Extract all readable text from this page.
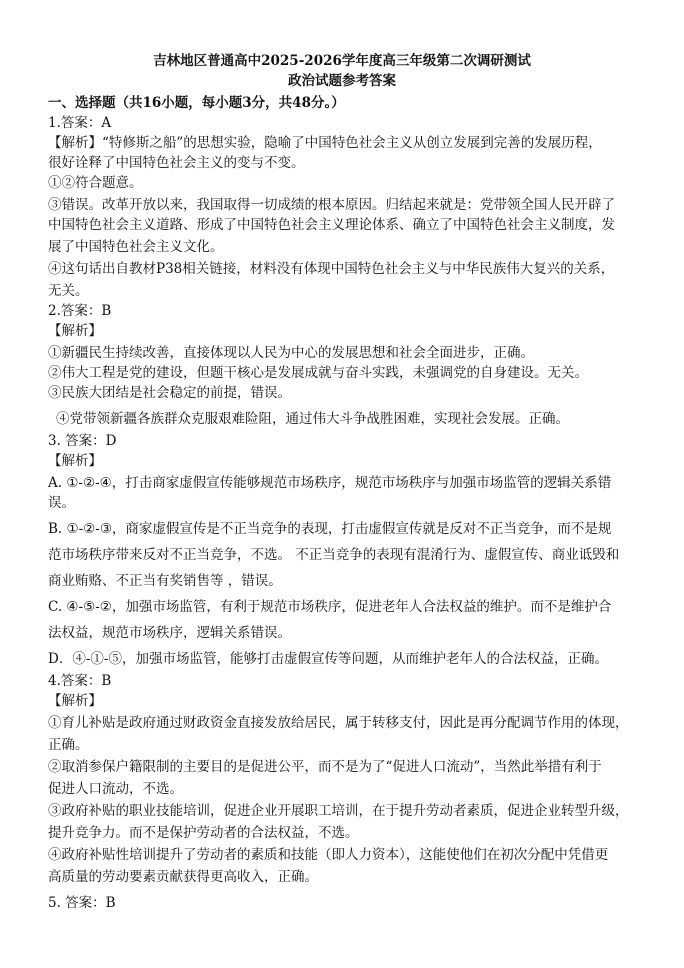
吉林地区普通高中2025-2026学年度高三年级第二次调研测试
政治试题参考答案
一、选择题（共16小题，每小题3分，共48分。）
1.答案：A
【解析】“特修斯之船”的思想实验，隐喻了中国特色社会主义从创立发展到完善的发展历程，
很好诠释了中国特色社会主义的变与不变。
①②符合题意。
③错误。改革开放以来，我国取得一切成绩的根本原因。归结起来就是：党带领全国人民开辟了
中国特色社会主义道路、形成了中国特色社会主义理论体系、确立了中国特色社会主义制度，发
展了中国特色社会主义文化。
④这句话出自教材P38相关链接，材料没有体现中国特色社会主义与中华民族伟大复兴的关系，
无关。
2.答案：B
【解析】
①新疆民生持续改善，直接体现以人民为中心的发展思想和社会全面进步，正确。
②伟大工程是党的建设，但题干核心是发展成就与奋斗实践，未强调党的自身建设。无关。
③民族大团结是社会稳定的前提，错误。
④党带领新疆各族群众克服艰难险阻，通过伟大斗争战胜困难，实现社会发展。正确。
3. 答案：D
【解析】
A. ①-②-④，打击商家虚假宣传能够规范市场秩序，规范市场秩序与加强市场监管的逻辑关系错
误。
B. ①-②-③，商家虚假宣传是不正当竞争的表现，打击虚假宣传就是反对不正当竞争，而不是规
范市场秩序带来反对不正当竞争，不选。 不正当竞争的表现有混淆行为、虚假宣传、商业诋毁和
商业贿赂、不正当有奖销售等 ，错误。
C. ④-⑤-②，加强市场监管，有利于规范市场秩序，促进老年人合法权益的维护。而不是维护合
法权益，规范市场秩序，逻辑关系错误。
D．④-①-⑤，加强市场监管，能够打击虚假宣传等问题，从而维护老年人的合法权益，正确。
4.答案：B
【解析】
①育儿补贴是政府通过财政资金直接发放给居民，属于转移支付，因此是再分配调节作用的体现，
正确。
②取消参保户籍限制的主要目的是促进公平，而不是为了“促进人口流动”，当然此举措有利于
促进人口流动，不选。
③政府补贴的职业技能培训，促进企业开展职工培训，在于提升劳动者素质，促进企业转型升级，
提升竞争力。而不是保护劳动者的合法权益，不选。
④政府补贴性培训提升了劳动者的素质和技能（即人力资本），这能使他们在初次分配中凭借更
高质量的劳动要素贡献获得更高收入，正确。
5. 答案：B
